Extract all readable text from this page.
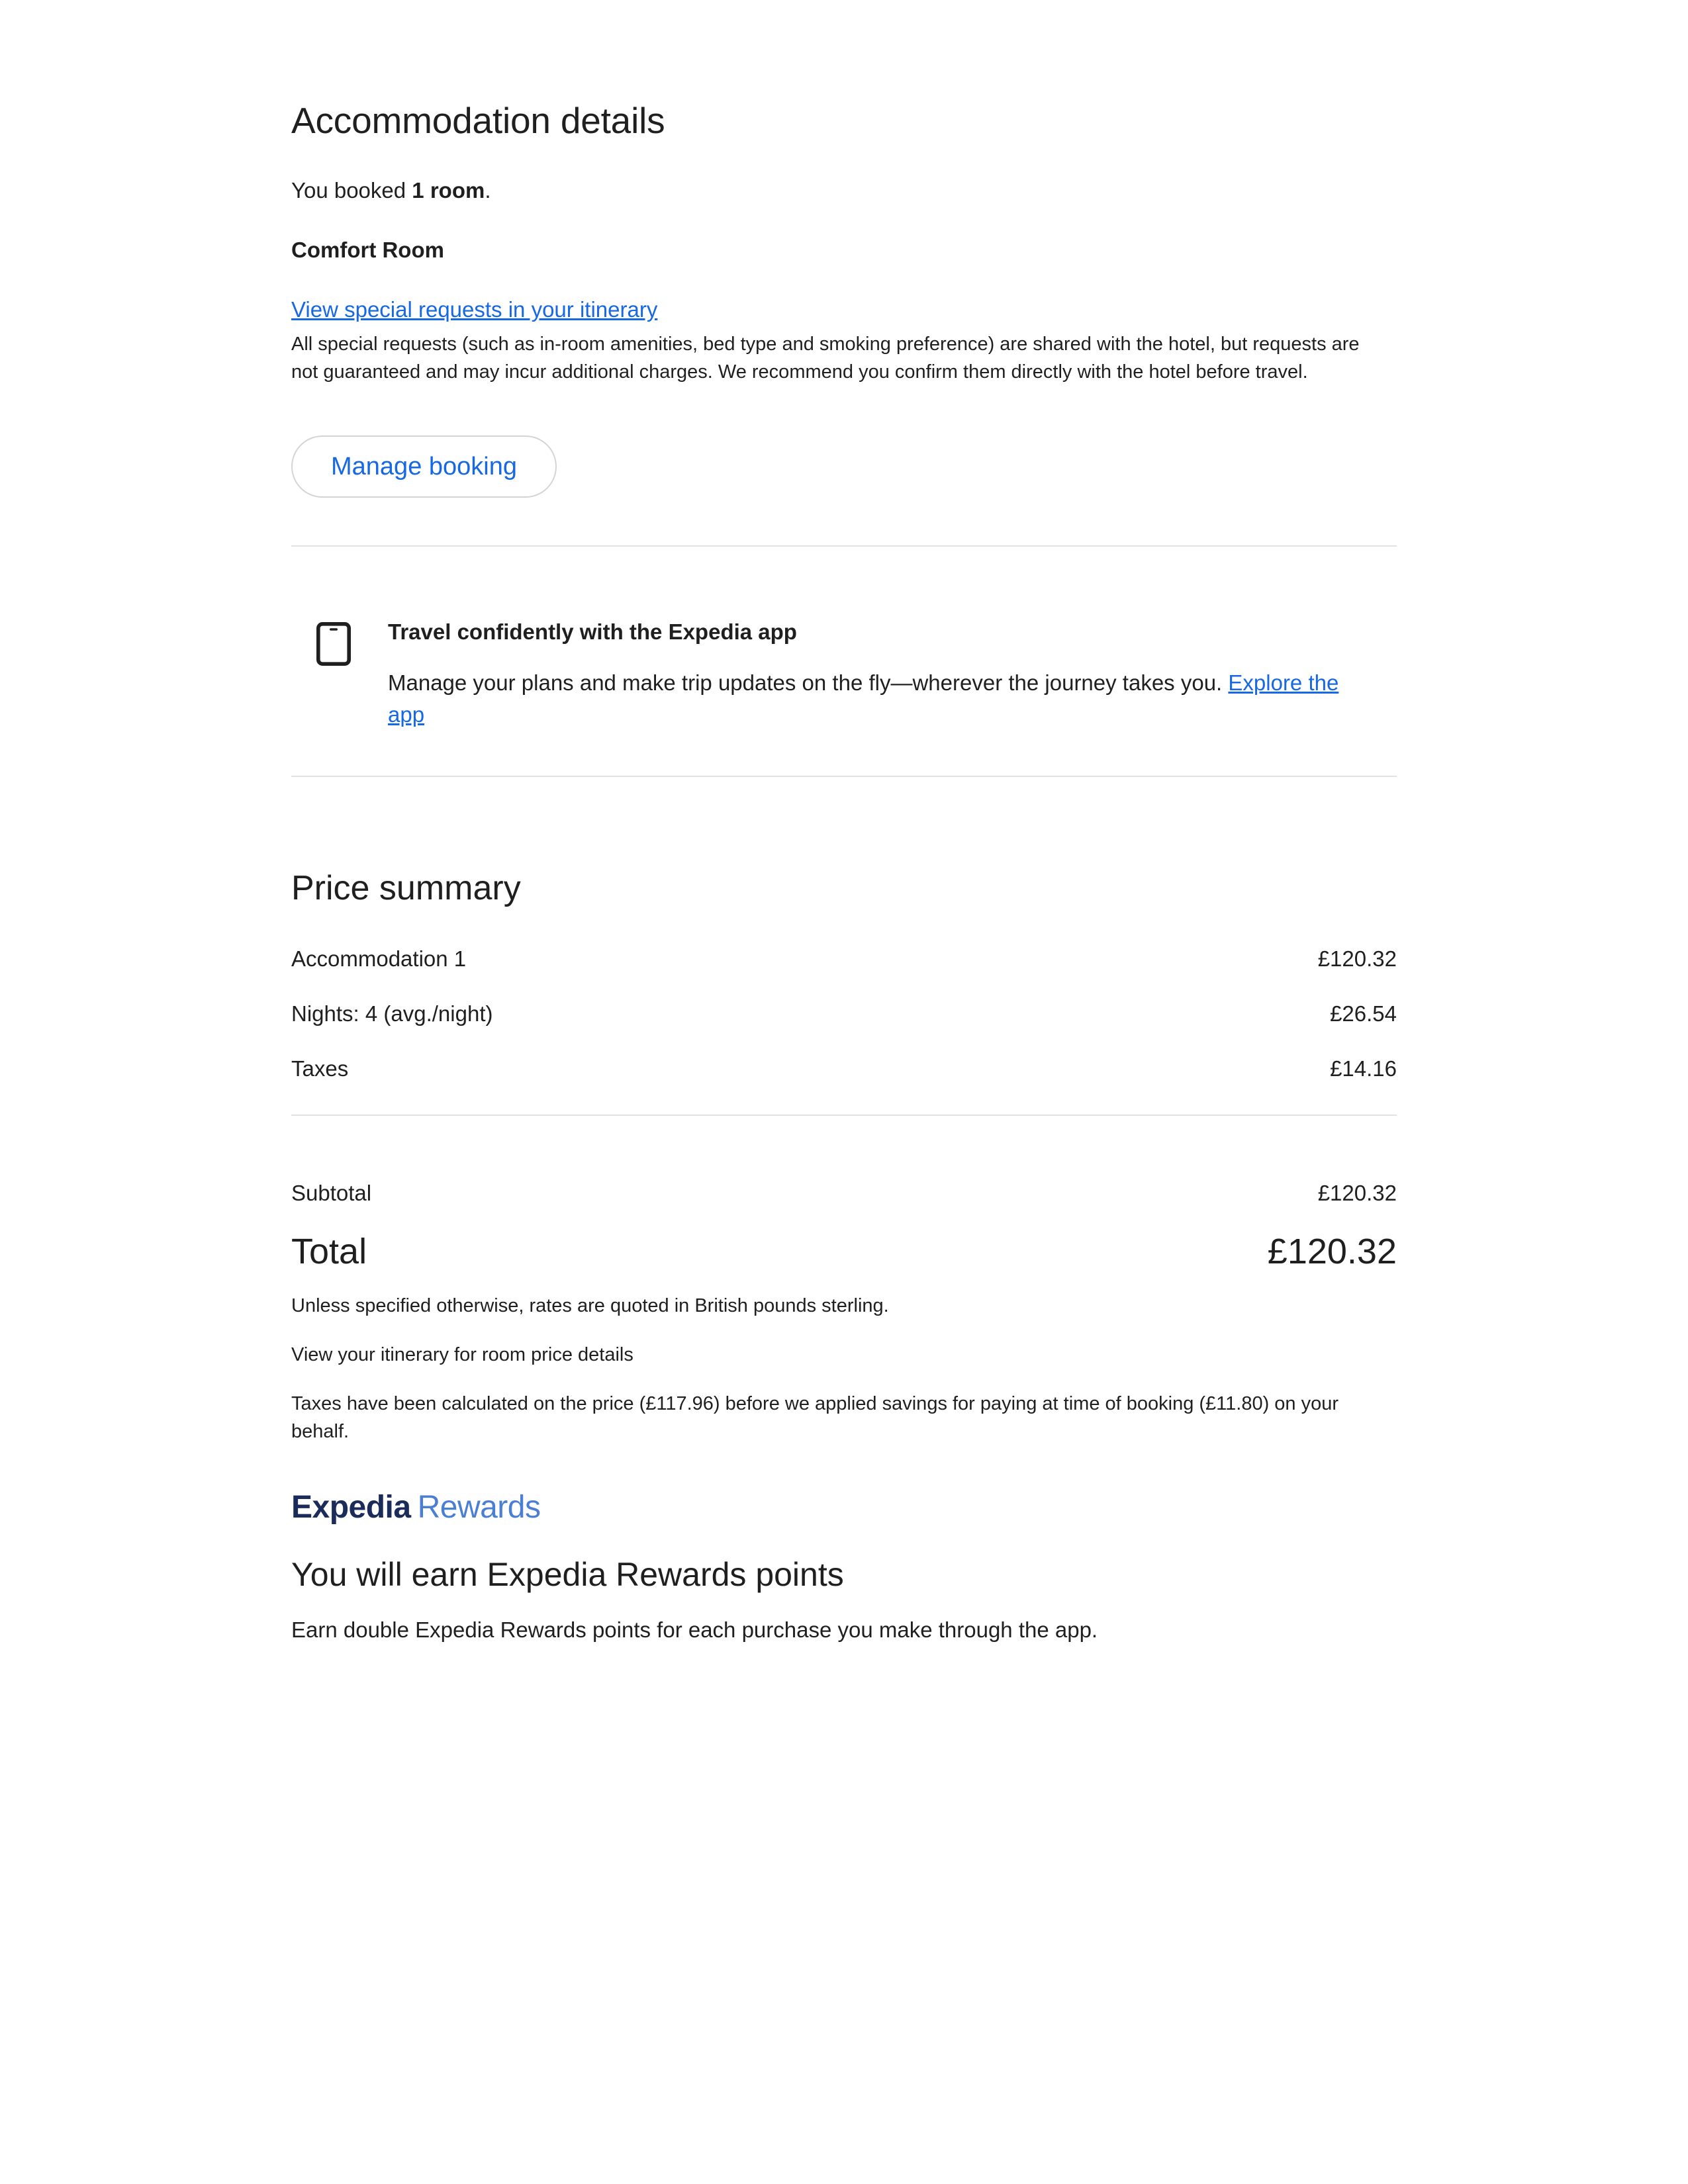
Accommodation details

You booked 1 room.

Comfort Room

View special requests in your itinerary

All special requests (such as in-room amenities, bed type and smoking preference) are shared with the hotel, but requests are not guaranteed and may incur additional charges. We recommend you confirm them directly with the hotel before travel.

Manage booking

Travel confidently with the Expedia app

Manage your plans and make trip updates on the fly—wherever the journey takes you. Explore the app

Price summary
Accommodation 1	£120.32
Nights: 4 (avg./night)	£26.54
Taxes	£14.16
Subtotal	£120.32
Total	£120.32

Unless specified otherwise, rates are quoted in British pounds sterling.

View your itinerary for room price details

Taxes have been calculated on the price (£117.96) before we applied savings for paying at time of booking (£11.80) on your behalf.

Expedia Rewards
You will earn Expedia Rewards points

Earn double Expedia Rewards points for each purchase you make through the app.
